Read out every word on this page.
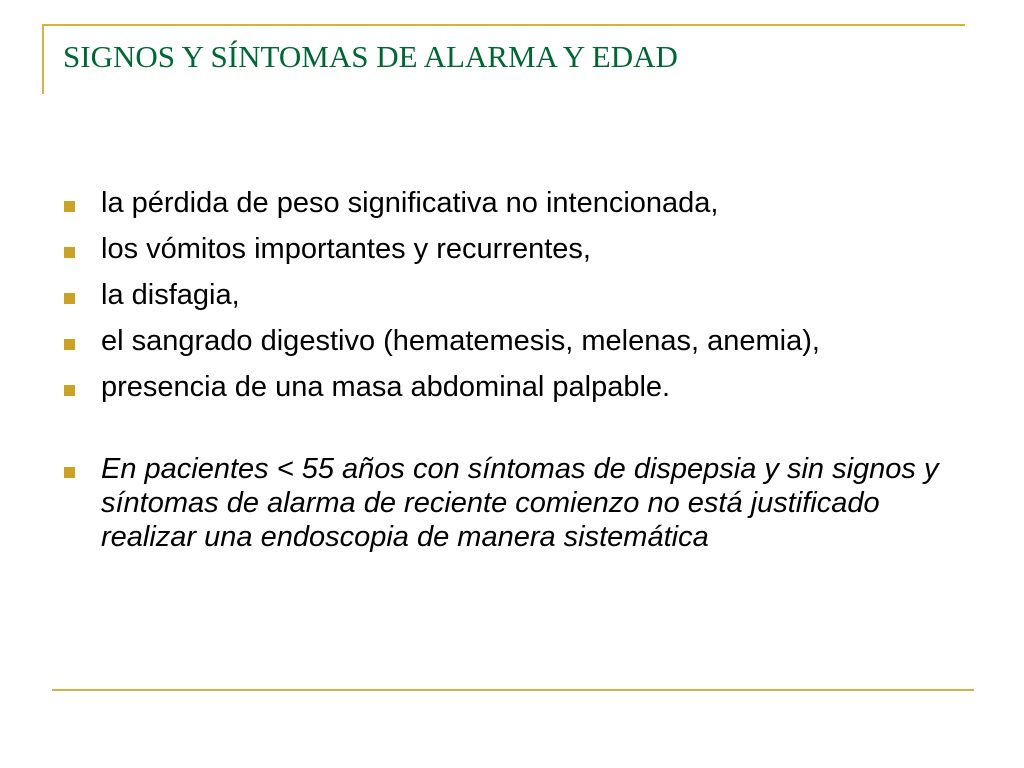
SIGNOS Y SÍNTOMAS DE ALARMA Y EDAD
la pérdida de peso significativa no intencionada,
los vómitos importantes y recurrentes,
la disfagia,
el sangrado digestivo (hematemesis, melenas, anemia),
presencia de una masa abdominal palpable.
En pacientes < 55 años con síntomas de dispepsia y sin signos y síntomas de alarma de reciente comienzo no está justificado realizar una endoscopia de manera sistemática
